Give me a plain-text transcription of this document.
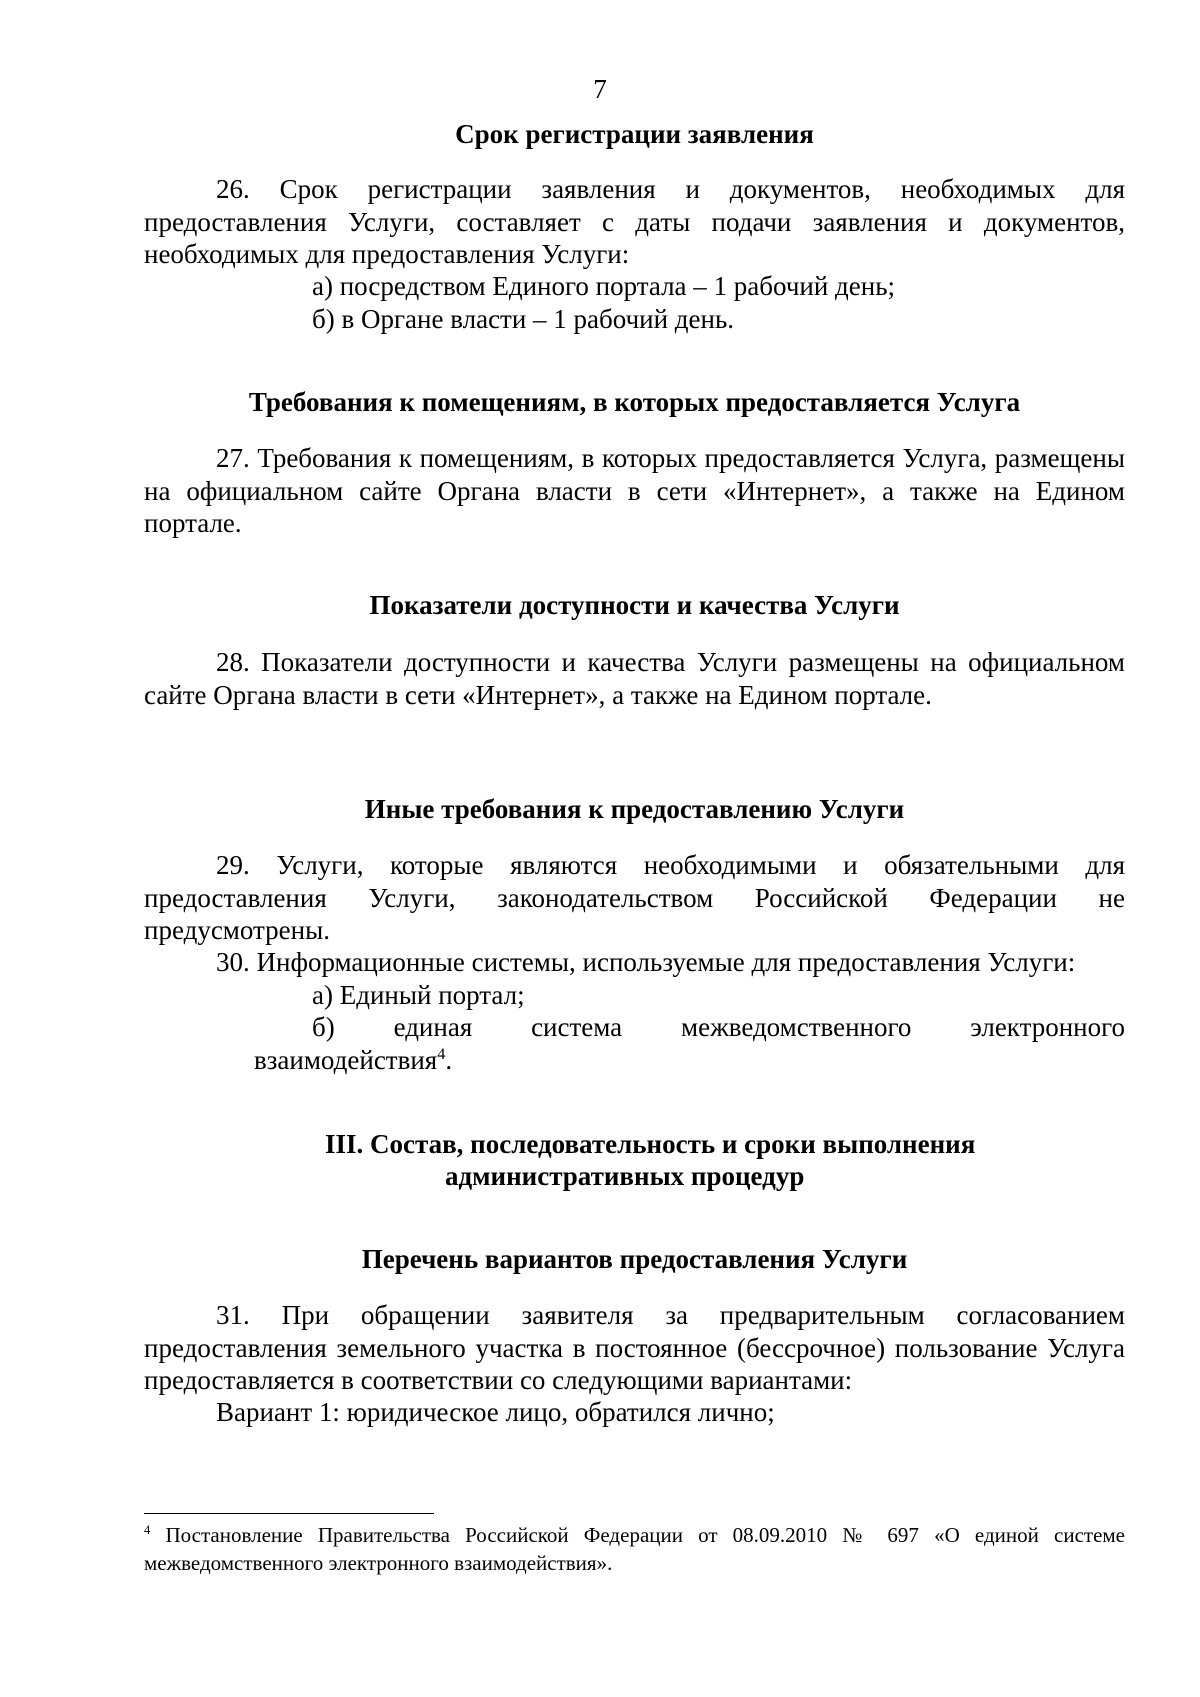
7
Срок регистрации заявления

26. Срок регистрации заявления и документов, необходимых для предоставления Услуги, составляет с даты подачи заявления и документов, необходимых для предоставления Услуги:

а) посредством Единого портала – 1 рабочий день;
б) в Органе власти – 1 рабочий день.
Требования к помещениям, в которых предоставляется Услуга

27. Требования к помещениям, в которых предоставляется Услуга, размещены на официальном сайте Органа власти в сети «Интернет», а также на Едином портале.

Показатели доступности и качества Услуги

28. Показатели доступности и качества Услуги размещены на официальном сайте Органа власти в сети «Интернет», а также на Едином портале.

Иные требования к предоставлению Услуги

29. Услуги, которые являются необходимыми и обязательными для предоставления Услуги, законодательством Российской Федерации не предусмотрены.

30. Информационные системы, используемые для предоставления Услуги:
а) Единый портал;
б) единая система межведомственного электронного
взаимодействия$^4$.
III. Состав, последовательность и сроки выполнения
административных процедур
Перечень вариантов предоставления Услуги

31. При обращении заявителя за предварительным согласованием предоставления земельного участка в постоянное (бессрочное) пользование Услуга предоставляется в соответствии со следующими вариантами:

Вариант 1: юридическое лицо, обратился лично;
$^4$ Постановление Правительства Российской Федерации от 08.09.2010 № 697 «О единой системе межведомственного электронного взаимодействия».
